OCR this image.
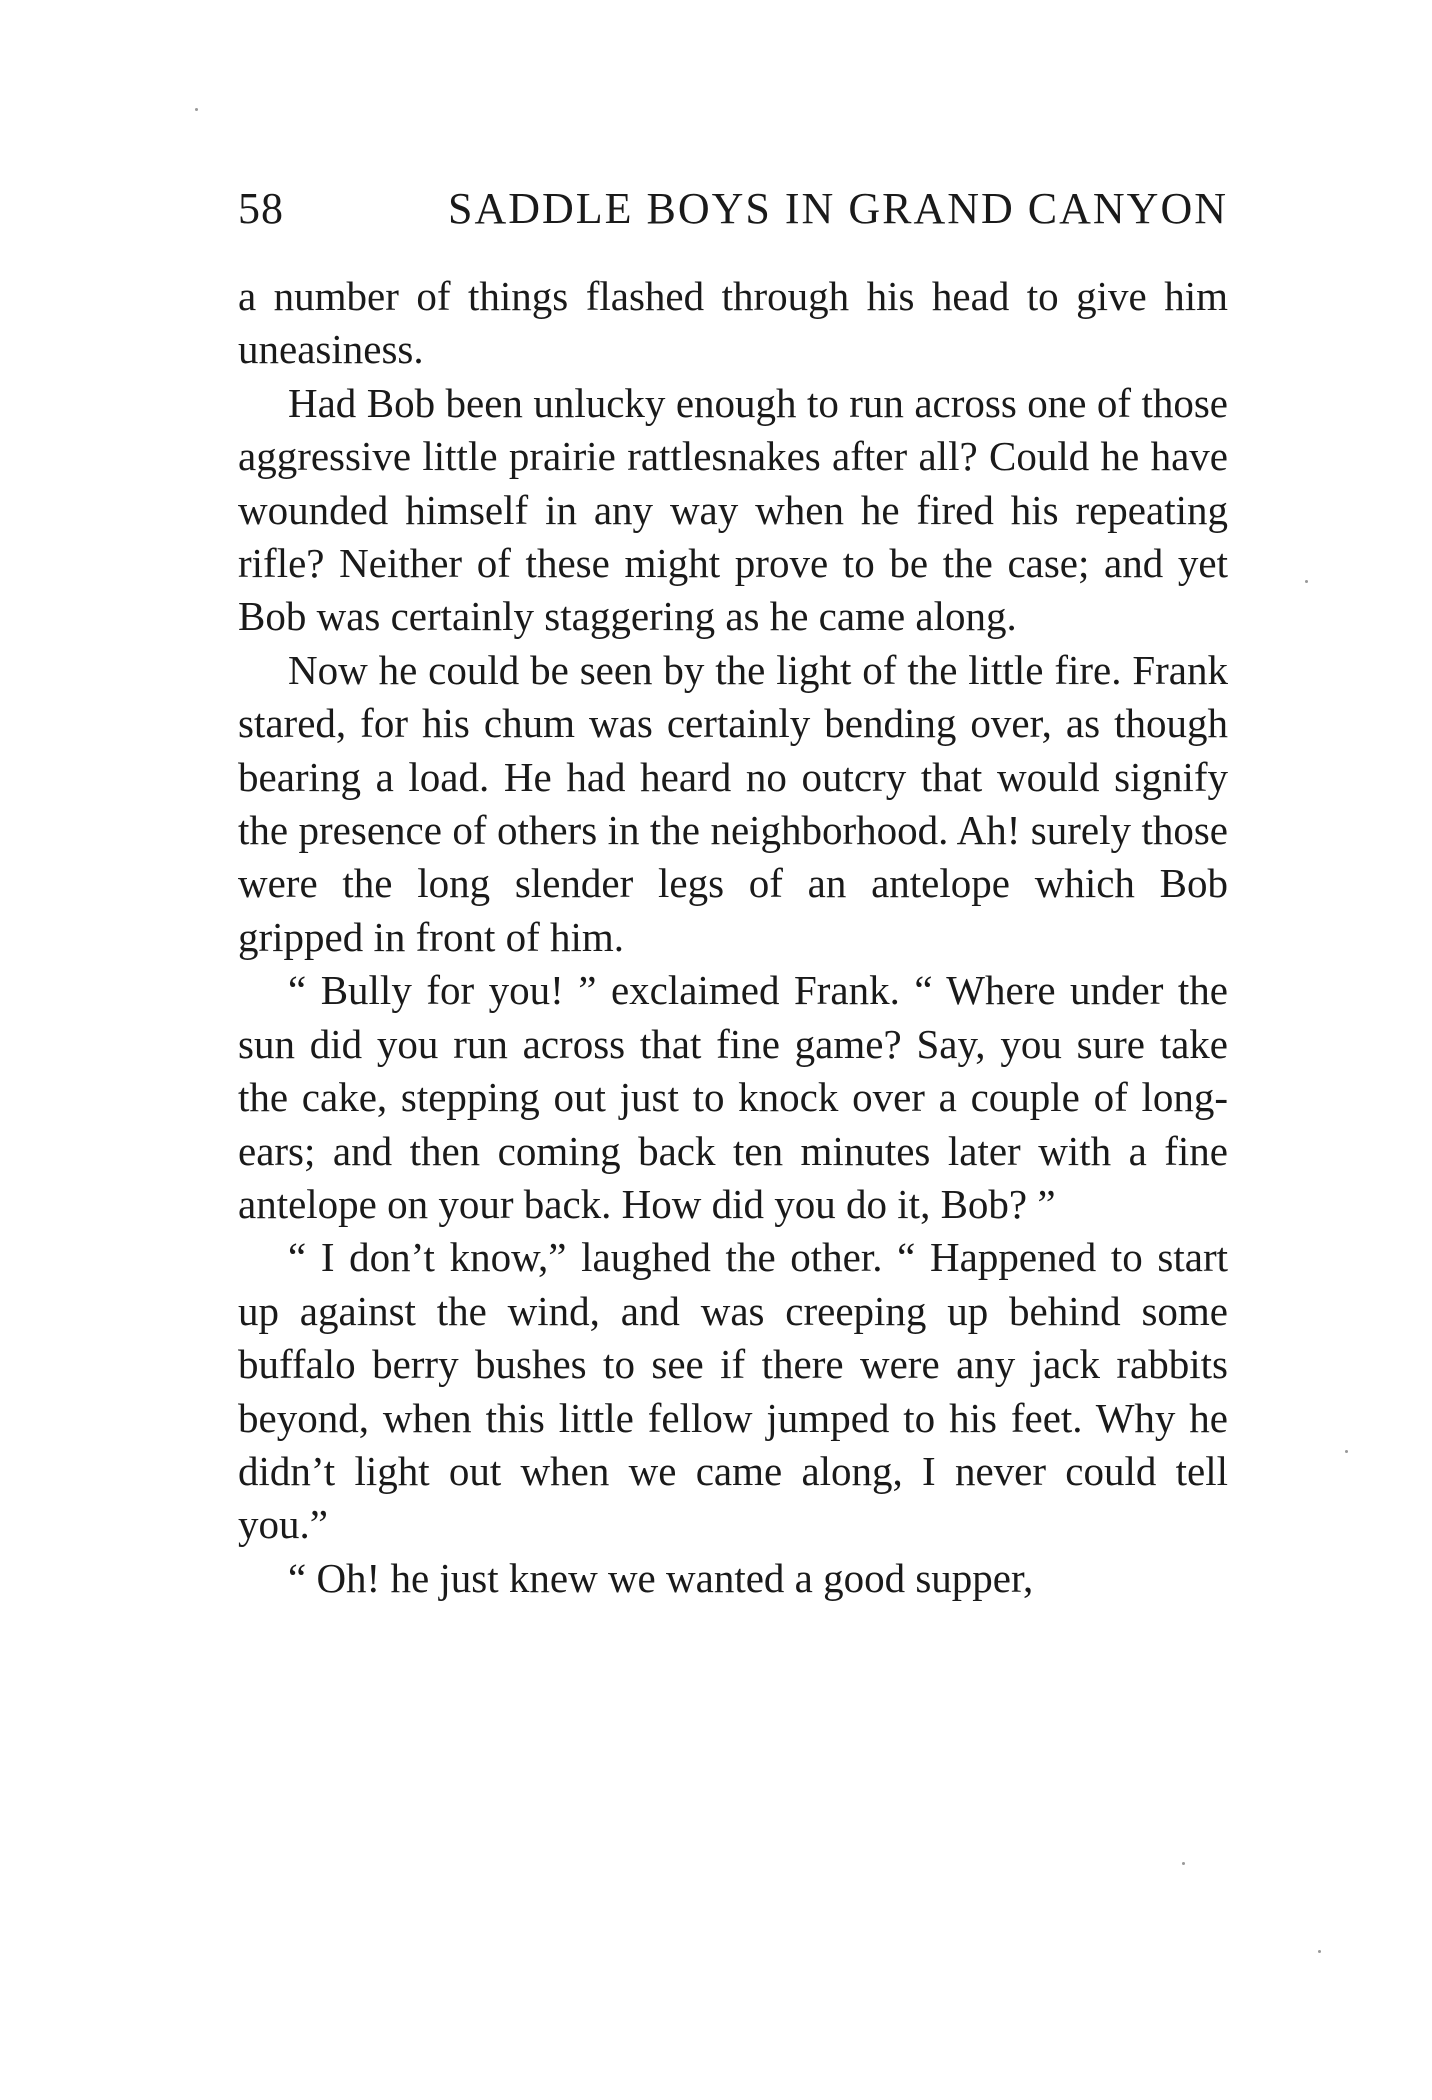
58	SADDLE BOYS IN GRAND CANYON

a number of things flashed through his head to give him uneasiness.

Had Bob been unlucky enough to run across one of those aggressive little prairie rattlesnakes after all? Could he have wounded himself in any way when he fired his repeating rifle? Neither of these might prove to be the case; and yet Bob was certainly staggering as he came along.

Now he could be seen by the light of the little fire. Frank stared, for his chum was certainly bending over, as though bearing a load. He had heard no outcry that would signify the presence of others in the neighborhood. Ah! surely those were the long slender legs of an antelope which Bob gripped in front of him.

“ Bully for you! ” exclaimed Frank. “ Where under the sun did you run across that fine game? Say, you sure take the cake, stepping out just to knock over a couple of long-ears; and then coming back ten minutes later with a fine antelope on your back. How did you do it, Bob? ”

“ I don’t know,” laughed the other. “ Happened to start up against the wind, and was creeping up behind some buffalo berry bushes to see if there were any jack rabbits beyond, when this little fellow jumped to his feet. Why he didn’t light out when we came along, I never could tell you.”

“ Oh! he just knew we wanted a good supper,
